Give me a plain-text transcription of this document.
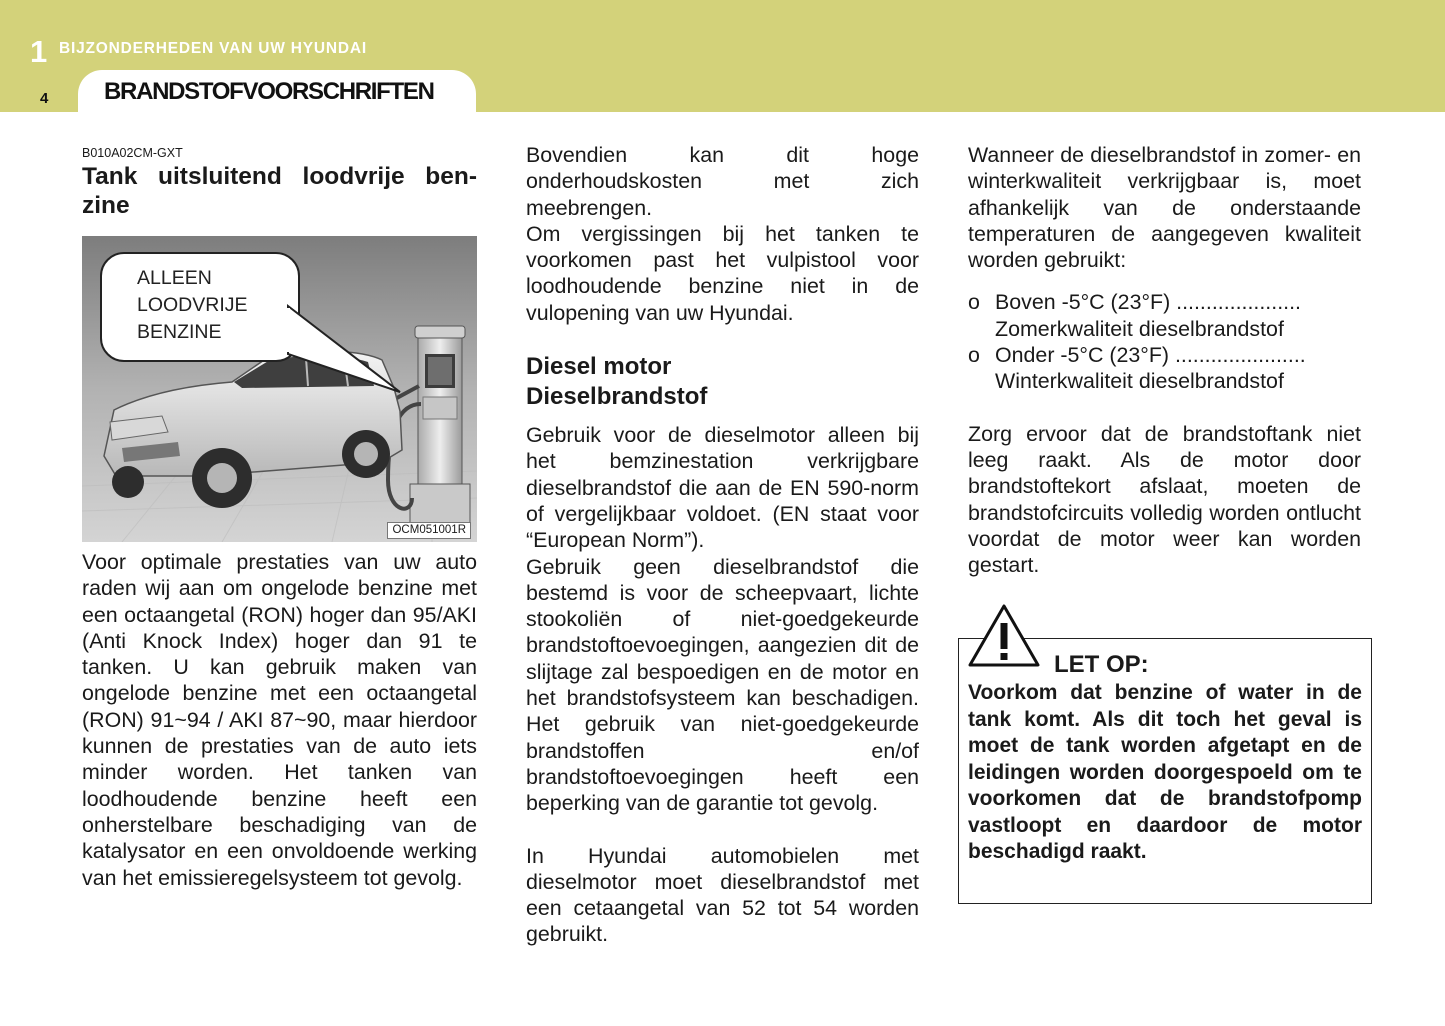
1 BIJZONDERHEDEN VAN UW HYUNDAI
4 BRANDSTOFVOORSCHRIFTEN
B010A02CM-GXT
Tank uitsluitend loodvrije ben-zine
ALLEEN
LOODVRIJE
BENZINE
OCM051001R

Voor optimale prestaties van uw auto raden wij aan om ongelode benzine met een octaangetal (RON) hoger dan 95/AKI (Anti Knock Index) hoger dan 91 te tanken. U kan gebruik maken van ongelode benzine met een octaangetal (RON) 91~94 / AKI 87~90, maar hierdoor kunnen de prestaties van de auto iets minder worden. Het tanken van loodhoudende benzine heeft een onherstelbare beschadiging van de katalysator en een onvoldoende werking van het emissieregelsysteem tot gevolg.

Bovendien kan dit hoge onderhoudskosten met zich meebrengen.

Om vergissingen bij het tanken te voorkomen past het vulpistool voor loodhoudende benzine niet in de vulopening van uw Hyundai.

Diesel motor
Dieselbrandstof

Gebruik voor de dieselmotor alleen bij het bemzinestation verkrijgbare dieselbrandstof die aan de EN 590-norm of vergelijkbaar voldoet. (EN staat voor “European Norm”).

Gebruik geen dieselbrandstof die bestemd is voor de scheepvaart, lichte stookoliën of niet-goedgekeurde brandstoftoevoegingen, aangezien dit de slijtage zal bespoedigen en de motor en het brandstofsysteem kan beschadigen. Het gebruik van niet-goedgekeurde brandstoffen en/of brandstoftoevoegingen heeft een beperking van de garantie tot gevolg.

In Hyundai automobielen met dieselmotor moet dieselbrandstof met een cetaangetal van 52 tot 54 worden gebruikt.

Wanneer de dieselbrandstof in zomer- en winterkwaliteit verkrijgbaar is, moet afhankelijk van de onderstaande temperaturen de aangegeven kwaliteit worden gebruikt:

o Boven -5°C (23°F) .....................
Zomerkwaliteit dieselbrandstof
o Onder -5°C (23°F) ......................
Winterkwaliteit dieselbrandstof

Zorg ervoor dat de brandstoftank niet leeg raakt. Als de motor door brandstoftekort afslaat, moeten de brandstofcircuits volledig worden ontlucht voordat de motor weer kan worden gestart.

LET OP:
Voorkom dat benzine of water in de tank komt. Als dit toch het geval is moet de tank worden afgetapt en de leidingen worden doorgespoeld om te voorkomen dat de brandstofpomp vastloopt en daardoor de motor beschadigd raakt.
